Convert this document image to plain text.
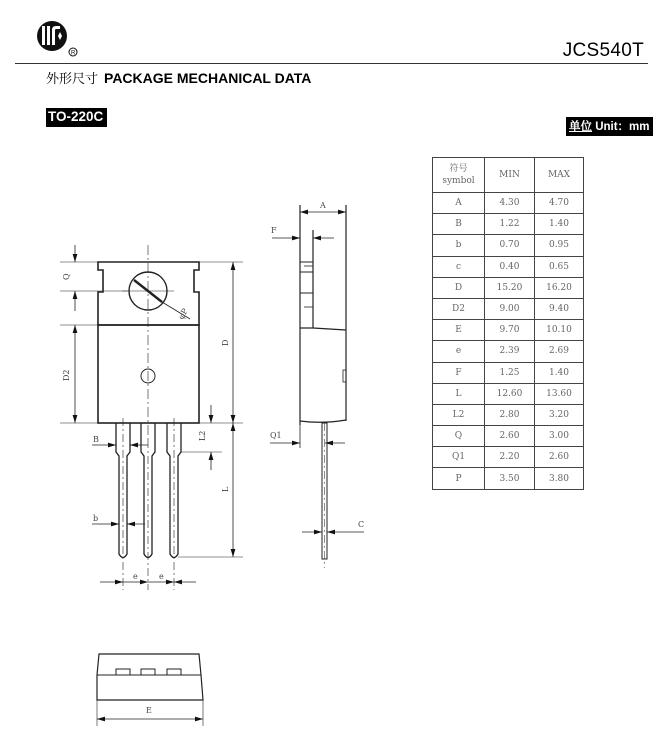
R	JCS540T
外形尺寸 PACKAGE MECHANICAL DATA
TO-220C
单位 Unit：mm
Q
D2
D
φP
B	L2
L
b
e	e
A
F
Q1
C
E
符号
symbol	MIN	MAX
A	4.30	4.70
B	1.22	1.40
b	0.70	0.95
c	0.40	0.65
D	15.20	16.20
D2	9.00	9.40
E	9.70	10.10
e	2.39	2.69
F	1.25	1.40
L	12.60	13.60
L2	2.80	3.20
Q	2.60	3.00
Q1	2.20	2.60
P	3.50	3.80
